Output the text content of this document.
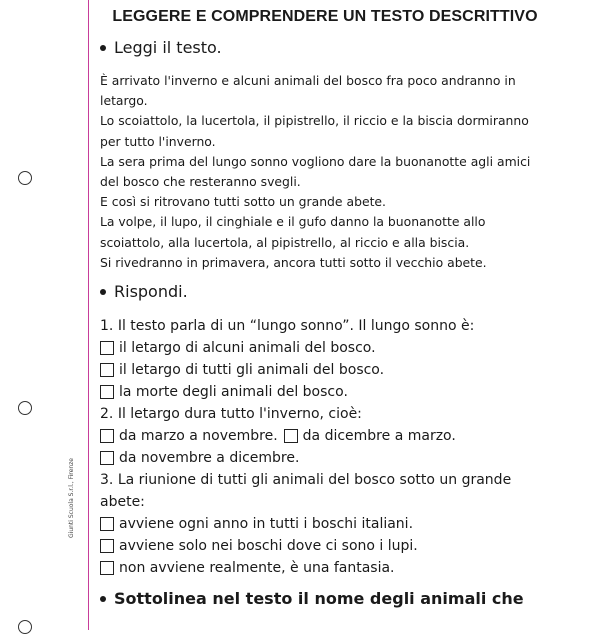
Giunti Scuola S.r.l., Firenze
LEGGERE E COMPRENDERE UN TESTO DESCRITTIVO
Leggi il testo.

È arrivato l'inverno e alcuni animali del bosco fra poco andranno in letargo.

Lo scoiattolo, la lucertola, il pipistrello, il riccio e la biscia dormiranno per tutto l'inverno.

La sera prima del lungo sonno vogliono dare la buonanotte agli amici del bosco che resteranno svegli.

E così si ritrovano tutti sotto un grande abete.

La volpe, il lupo, il cinghiale e il gufo danno la buonanotte allo scoiattolo, alla lucertola, al pipistrello, al riccio e alla biscia.

Si rivedranno in primavera, ancora tutti sotto il vecchio abete.

Rispondi.

1. Il testo parla di un “lungo sonno”. Il lungo sonno è:

il letargo di alcuni animali del bosco.
il letargo di tutti gli animali del bosco.
la morte degli animali del bosco.

2. Il letargo dura tutto l'inverno, cioè:

da marzo a novembre. da dicembre a marzo.
da novembre a dicembre.

3. La riunione di tutti gli animali del bosco sotto un grande abete:

avviene ogni anno in tutti i boschi italiani.
avviene solo nei boschi dove ci sono i lupi.
non avviene realmente, è una fantasia.
Sottolinea nel testo il nome degli animali che
